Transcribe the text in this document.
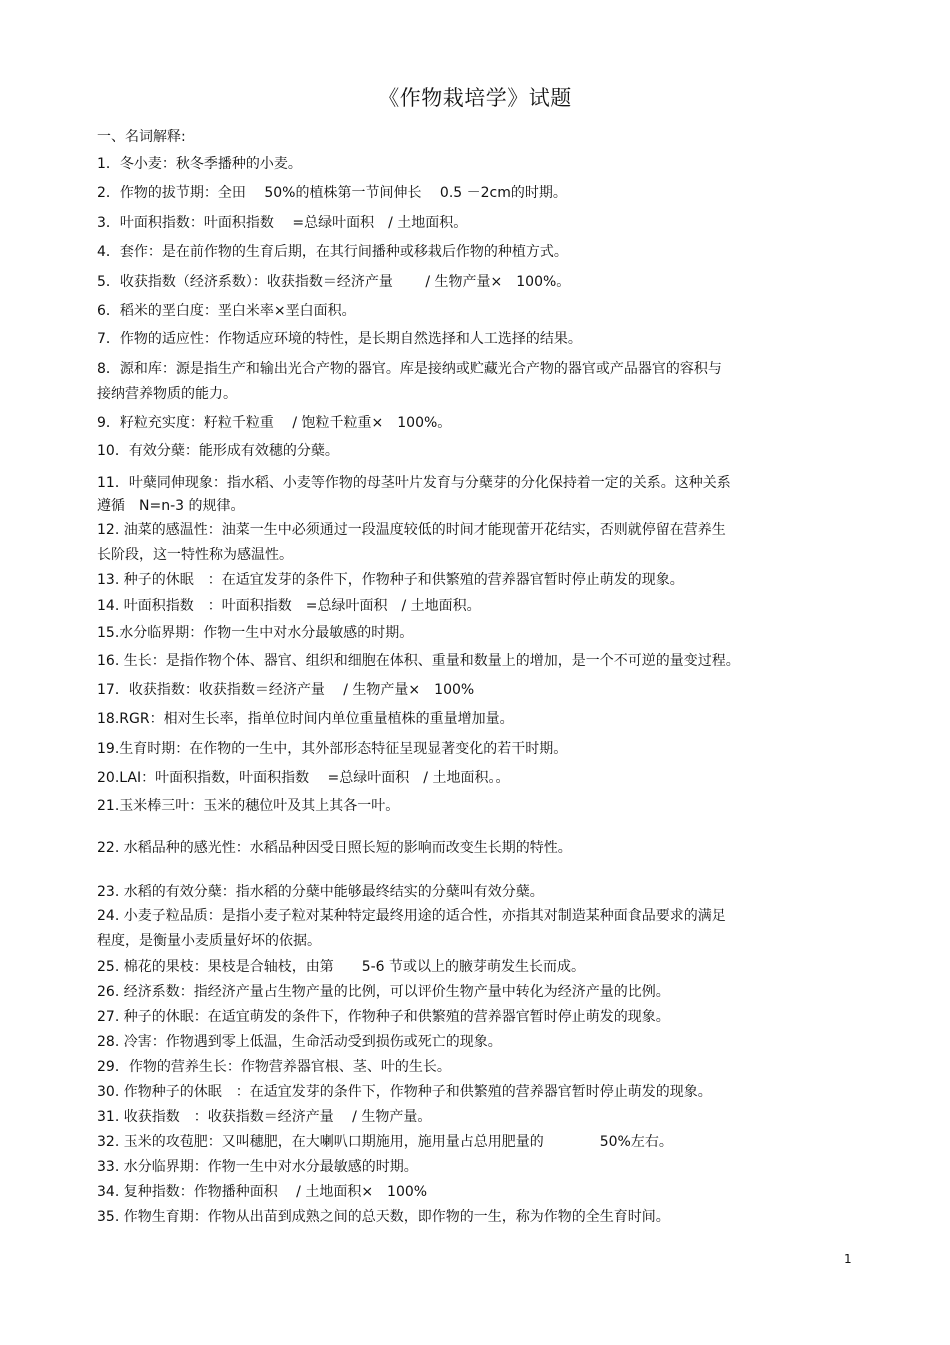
《作物栽培学》试题

一、名词解释:

1．冬小麦：秋冬季播种的小麦。
2．作物的拔节期：全田　 50%的植株第一节间伸长　 0.5 －2cm的时期。
3．叶面积指数：叶面积指数　 =总绿叶面积　/ 土地面积。
4．套作：是在前作物的生育后期，在其行间播种或移栽后作物的种植方式。
5．收获指数（经济系数）：收获指数＝经济产量　　 / 生物产量×　100%。
6．稻米的垩白度：垩白米率×垩白面积。
7．作物的适应性：作物适应环境的特性，是长期自然选择和人工选择的结果。
8．源和库：源是指生产和输出光合产物的器官。库是接纳或贮藏光合产物的器官或产品器官的容积与
接纳营养物质的能力。
9．籽粒充实度：籽粒千粒重　 / 饱粒千粒重×　100%。
10．有效分蘖：能形成有效穗的分蘖。
11．叶蘖同伸现象：指水稻、小麦等作物的母茎叶片发育与分蘖芽的分化保持着一定的关系。这种关系
遵循　N=n-3 的规律。
12. 油菜的感温性：油菜一生中必须通过一段温度较低的时间才能现蕾开花结实，否则就停留在营养生
长阶段，这一特性称为感温性。
13. 种子的休眠　：在适宜发芽的条件下，作物种子和供繁殖的营养器官暂时停止萌发的现象。
14. 叶面积指数　：叶面积指数　=总绿叶面积　/ 土地面积。
15.水分临界期：作物一生中对水分最敏感的时期。
16. 生长：是指作物个体、器官、组织和细胞在体积、重量和数量上的增加，是一个不可逆的量变过程。
17．收获指数：收获指数＝经济产量　 / 生物产量×　100%
18.RGR：相对生长率，指单位时间内单位重量植株的重量增加量。
19.生育时期：在作物的一生中，其外部形态特征呈现显著变化的若干时期。
20.LAI：叶面积指数，叶面积指数　 =总绿叶面积　/ 土地面积。。
21.玉米棒三叶：玉米的穗位叶及其上其各一叶。
22. 水稻品种的感光性：水稻品种因受日照长短的影响而改变生长期的特性。
23. 水稻的有效分蘖：指水稻的分蘖中能够最终结实的分蘖叫有效分蘖。
24. 小麦子粒品质：是指小麦子粒对某种特定最终用途的适合性，亦指其对制造某种面食品要求的满足
程度，是衡量小麦质量好坏的依据。
25. 棉花的果枝：果枝是合轴枝，由第　　5-6 节或以上的腋芽萌发生长而成。
26. 经济系数：指经济产量占生物产量的比例，可以评价生物产量中转化为经济产量的比例。
27. 种子的休眠：在适宜萌发的条件下，作物种子和供繁殖的营养器官暂时停止萌发的现象。
28. 冷害：作物遇到零上低温，生命活动受到损伤或死亡的现象。
29．作物的营养生长：作物营养器官根、茎、叶的生长。
30. 作物种子的休眠　：在适宜发芽的条件下，作物种子和供繁殖的营养器官暂时停止萌发的现象。
31. 收获指数　：收获指数＝经济产量　 / 生物产量。
32. 玉米的攻苞肥：又叫穗肥，在大喇叭口期施用，施用量占总用肥量的　　　　50%左右。
33. 水分临界期：作物一生中对水分最敏感的时期。
34. 复种指数：作物播种面积　 / 土地面积×　100%
35. 作物生育期：作物从出苗到成熟之间的总天数，即作物的一生，称为作物的全生育时间。
1
